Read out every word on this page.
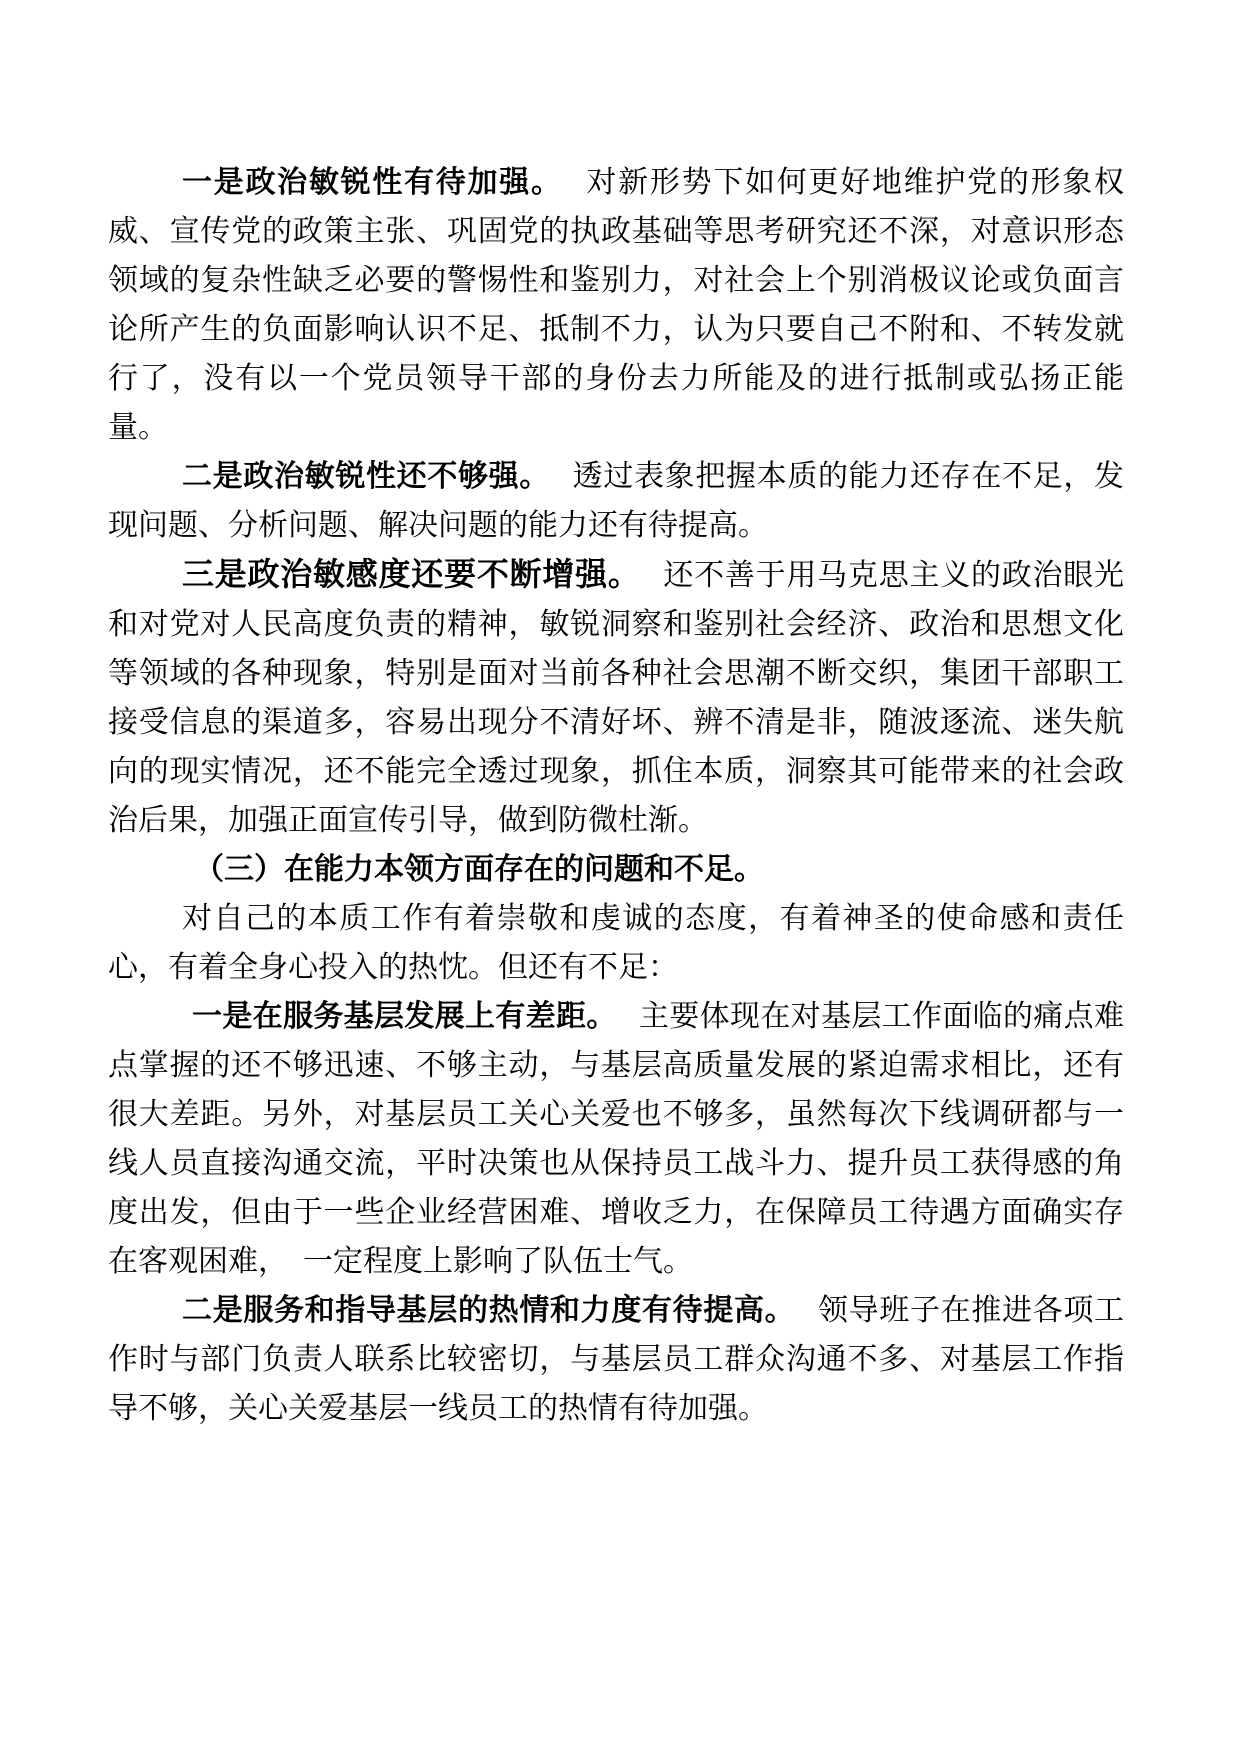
一是政治敏锐性有待加强。 对新形势下如何更好地维护党的形象权威、宣传党的政策主张、巩固党的执政基础等思考研究还不深，对意识形态领域的复杂性缺乏必要的警惕性和鉴别力，对社会上个别消极议论或负面言论所产生的负面影响认识不足、抵制不力，认为只要自己不附和、不转发就行了，没有以一个党员领导干部的身份去力所能及的进行抵制或弘扬正能量。

二是政治敏锐性还不够强。 透过表象把握本质的能力还存在不足，发现问题、分析问题、解决问题的能力还有待提高。

三是政治敏感度还要不断增强。 还不善于用马克思主义的政治眼光和对党对人民高度负责的精神，敏锐洞察和鉴别社会经济、政治和思想文化等领域的各种现象，特别是面对当前各种社会思潮不断交织，集团干部职工接受信息的渠道多，容易出现分不清好坏、辨不清是非，随波逐流、迷失航向的现实情况，还不能完全透过现象，抓住本质，洞察其可能带来的社会政治后果，加强正面宣传引导，做到防微杜渐。

（三）在能力本领方面存在的问题和不足。

对自己的本质工作有着崇敬和虔诚的态度，有着神圣的使命感和责任心，有着全身心投入的热忱。但还有不足：

一是在服务基层发展上有差距。 主要体现在对基层工作面临的痛点难点掌握的还不够迅速、不够主动，与基层高质量发展的紧迫需求相比，还有很大差距。另外，对基层员工关心关爱也不够多，虽然每次下线调研都与一线人员直接沟通交流，平时决策也从保持员工战斗力、提升员工获得感的角度出发，但由于一些企业经营困难、增收乏力，在保障员工待遇方面确实存在客观困难，　一定程度上影响了队伍士气。

二是服务和指导基层的热情和力度有待提高。 领导班子在推进各项工作时与部门负责人联系比较密切，与基层员工群众沟通不多、对基层工作指导不够，关心关爱基层一线员工的热情有待加强。
